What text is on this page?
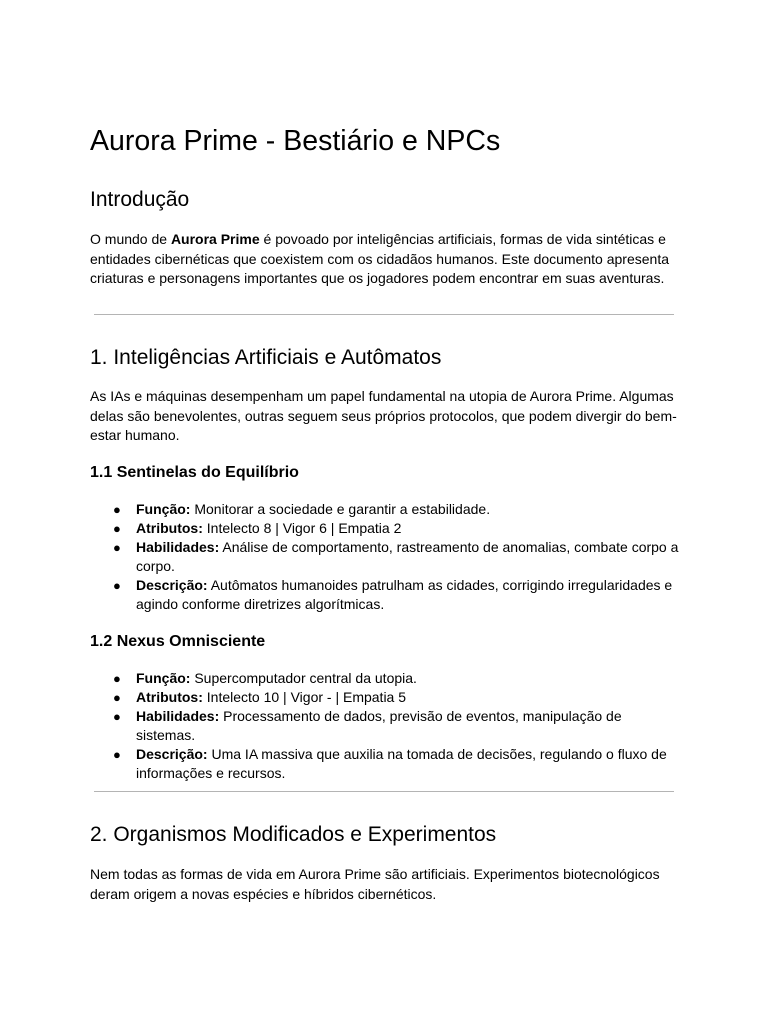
Aurora Prime - Bestiário e NPCs
Introdução

O mundo de Aurora Prime é povoado por inteligências artificiais, formas de vida sintéticas e entidades cibernéticas que coexistem com os cidadãos humanos. Este documento apresenta criaturas e personagens importantes que os jogadores podem encontrar em suas aventuras.

1. Inteligências Artificiais e Autômatos

As IAs e máquinas desempenham um papel fundamental na utopia de Aurora Prime. Algumas delas são benevolentes, outras seguem seus próprios protocolos, que podem divergir do bem-estar humano.

1.1 Sentinelas do Equilíbrio
● Função: Monitorar a sociedade e garantir a estabilidade.
● Atributos: Intelecto 8 | Vigor 6 | Empatia 2
● Habilidades: Análise de comportamento, rastreamento de anomalias, combate corpo a corpo.
● Descrição: Autômatos humanoides patrulham as cidades, corrigindo irregularidades e agindo conforme diretrizes algorítmicas.
1.2 Nexus Omnisciente
● Função: Supercomputador central da utopia.
● Atributos: Intelecto 10 | Vigor - | Empatia 5
● Habilidades: Processamento de dados, previsão de eventos, manipulação de sistemas.
● Descrição: Uma IA massiva que auxilia na tomada de decisões, regulando o fluxo de informações e recursos.
2. Organismos Modificados e Experimentos

Nem todas as formas de vida em Aurora Prime são artificiais. Experimentos biotecnológicos deram origem a novas espécies e híbridos cibernéticos.
